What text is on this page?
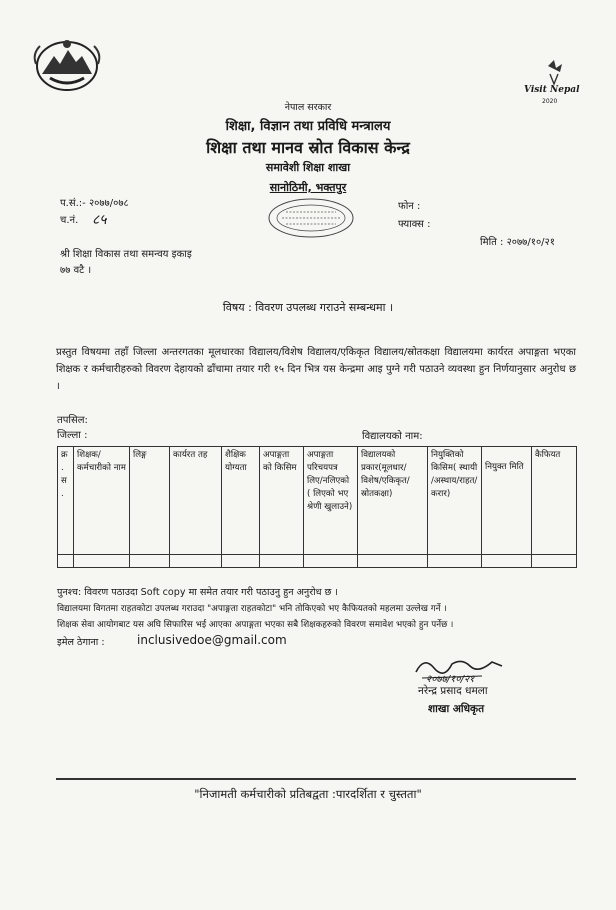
Visit Nepal
2020
नेपाल सरकार
शिक्षा, विज्ञान तथा प्रविधि मन्त्रालय
शिक्षा तथा मानव स्रोत विकास केन्द्र
समावेशी शिक्षा शाखा
सानोठिमी, भक्तपुर
प.सं.:- २०७७/०७८
च.नं. ८५
फोन :
फ्याक्स :
मिति : २०७७/१०/२१
श्री शिक्षा विकास तथा समन्वय इकाइ
७७ वटै ।
विषय : विवरण उपलब्ध गराउने सम्बन्धमा ।
प्रस्तुत विषयमा तहाँ जिल्ला अन्तरगतका मूलधारका विद्यालय/विशेष विद्यालय/एकिकृत विद्यालय/स्रोतकक्षा विद्यालयमा कार्यरत अपाङ्गता भएका शिक्षक र कर्मचारीहरुको विवरण देहायको ढाँचामा तयार गरी १५ दिन भित्र यस केन्द्रमा आइ पुग्ने गरी पठाउने व्यवस्था हुन निर्णयानुसार अनुरोध छ ।
तपसिल:
जिल्ला :	विद्यालयको नाम:
क्र . स .	शिक्षक/कर्मचारीको नाम	लिङ्ग	कार्यरत तह	शैक्षिक योग्यता	अपाङ्गता को किसिम	अपाङ्गता परिचयपत्र लिए/नलिएको ( लिएको भए श्रेणी खुलाउने)	विद्यालयको प्रकार(मूलधार/विशेष/एकिकृत/स्रोतकक्षा)	नियुक्तिको किसिम( स्थायी /अस्थाय/राहत/करार)	नियुक्त मिति	कैफियत

पुनश्च: विवरण पठाउदा Soft copy मा समेत तयार गरी पठाउनु हुन अनुरोध छ ।
विद्यालयमा विगतमा राहतकोटा उपलब्ध गराउदा "अपाङ्गता राहतकोटा" भनि तोकिएको भए कैफियतको महलमा उल्लेख गर्ने ।
शिक्षक सेवा आयोगबाट यस अघि सिफारिस भई आएका अपाङ्गता भएका सबै शिक्षकहरुको विवरण समावेश भएको हुन पर्नेछ ।
इमेल ठेगाना :	inclusivedoe@gmail.com
२०७७/१०/२१
नरेन्द्र प्रसाद धमला
शाखा अधिकृत
"निजामती कर्मचारीको प्रतिबद्वता :पारदर्शिता र चुस्तता"
